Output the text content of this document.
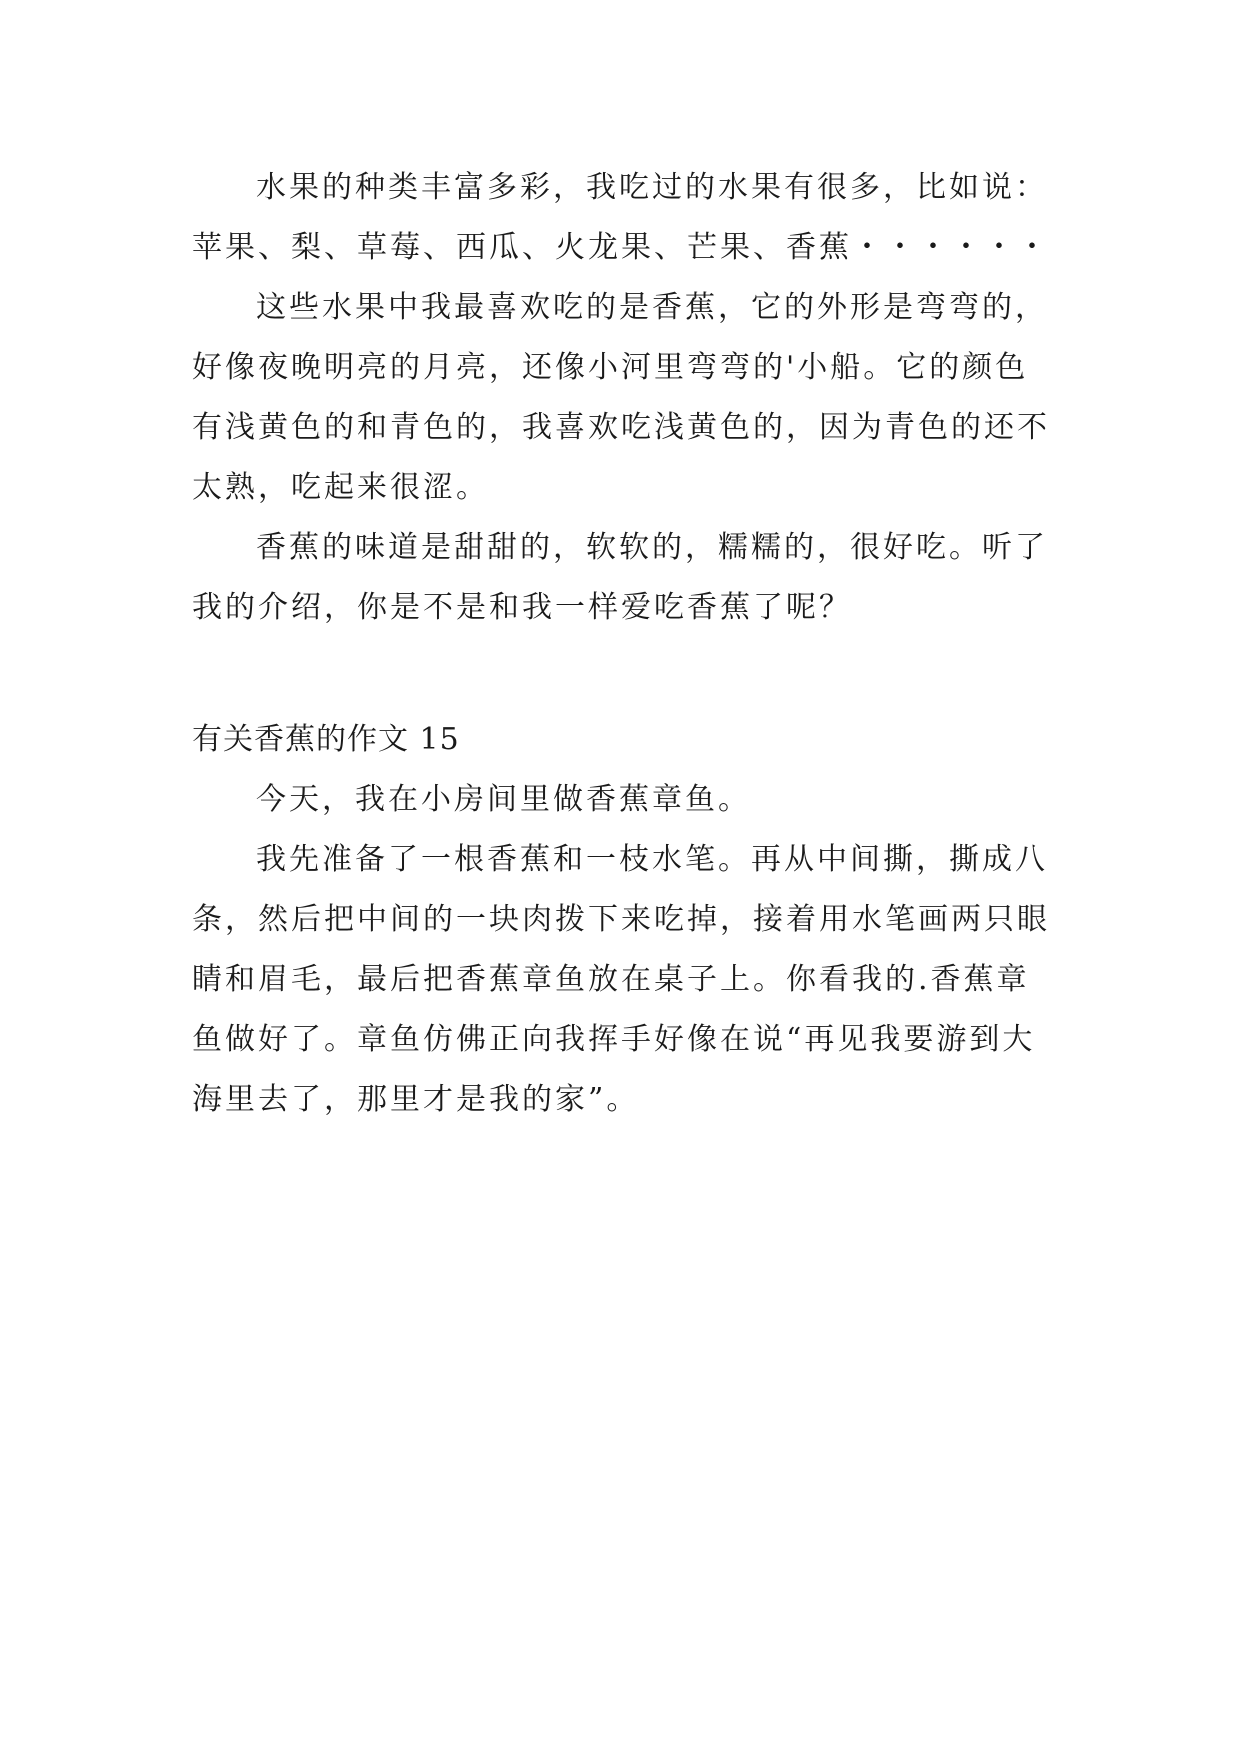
水果的种类丰富多彩，我吃过的水果有很多，比如说：
苹果、梨、草莓、西瓜、火龙果、芒果、香蕉・・・・・・
这些水果中我最喜欢吃的是香蕉，它的外形是弯弯的，
好像夜晚明亮的月亮，还像小河里弯弯的'小船。它的颜色
有浅黄色的和青色的，我喜欢吃浅黄色的，因为青色的还不
太熟，吃起来很涩。
香蕉的味道是甜甜的，软软的，糯糯的，很好吃。听了
我的介绍，你是不是和我一样爱吃香蕉了呢？
有关香蕉的作文 15
今天，我在小房间里做香蕉章鱼。
我先准备了一根香蕉和一枝水笔。再从中间撕，撕成八
条，然后把中间的一块肉拨下来吃掉，接着用水笔画两只眼
睛和眉毛，最后把香蕉章鱼放在桌子上。你看我的.香蕉章
鱼做好了。章鱼仿佛正向我挥手好像在说“再见我要游到大
海里去了，那里才是我的家”。
